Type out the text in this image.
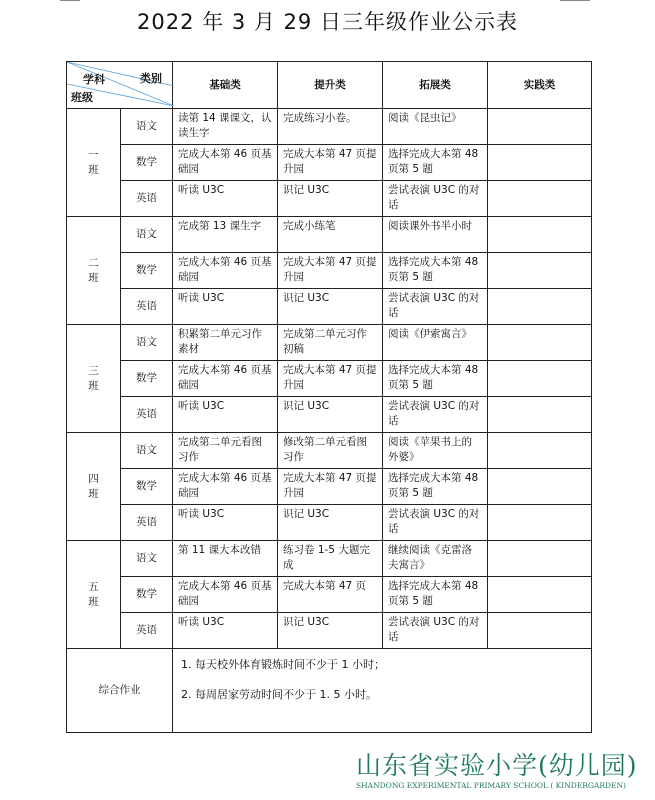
2022 年 3 月 29 日三年级作业公示表
类别
学科
班级		基础类	提升类	拓展类	实践类
一
班	语文	读第 14 课课文，认读生字	完成练习小卷。	阅读《昆虫记》	
	数学	完成大本第 46 页基础园	完成大本第 47 页提升园	选择完成大本第 48 页第 5 题	
	英语	听读 U3C	识记 U3C	尝试表演 U3C 的对话	
二
班	语文	完成第 13 课生字	完成小练笔	阅读课外书半小时	
	数学	完成大本第 46 页基础园	完成大本第 47 页提升园	选择完成大本第 48 页第 5 题	
	英语	听读 U3C	识记 U3C	尝试表演 U3C 的对话	
三
班	语文	积累第二单元习作素材	完成第二单元习作初稿	阅读《伊索寓言》	
	数学	完成大本第 46 页基础园	完成大本第 47 页提升园	选择完成大本第 48 页第 5 题	
	英语	听读 U3C	识记 U3C	尝试表演 U3C 的对话	
四
班	语文	完成第二单元看图习作	修改第二单元看图习作	阅读《苹果书上的外婆》	
	数学	完成大本第 46 页基础园	完成大本第 47 页提升园	选择完成大本第 48 页第 5 题	
	英语	听读 U3C	识记 U3C	尝试表演 U3C 的对话	
五
班	语文	第 11 课大本改错	练习卷 1-5 大题完成	继续阅读《克雷洛夫寓言》	
	数学	完成大本第 46 页基础园	完成大本第 47 页	选择完成大本第 48 页第 5 题	
	英语	听读 U3C	识记 U3C	尝试表演 U3C 的对话	
综合作业		1. 每天校外体育锻炼时间不少于 1 小时；
2. 每周居家劳动时间不少于 1. 5 小时。			
山东省实验小学(幼儿园)
SHANDONG EXPERIMENTAL PRIMARY SCHOOL ( KINDERGARDEN)
